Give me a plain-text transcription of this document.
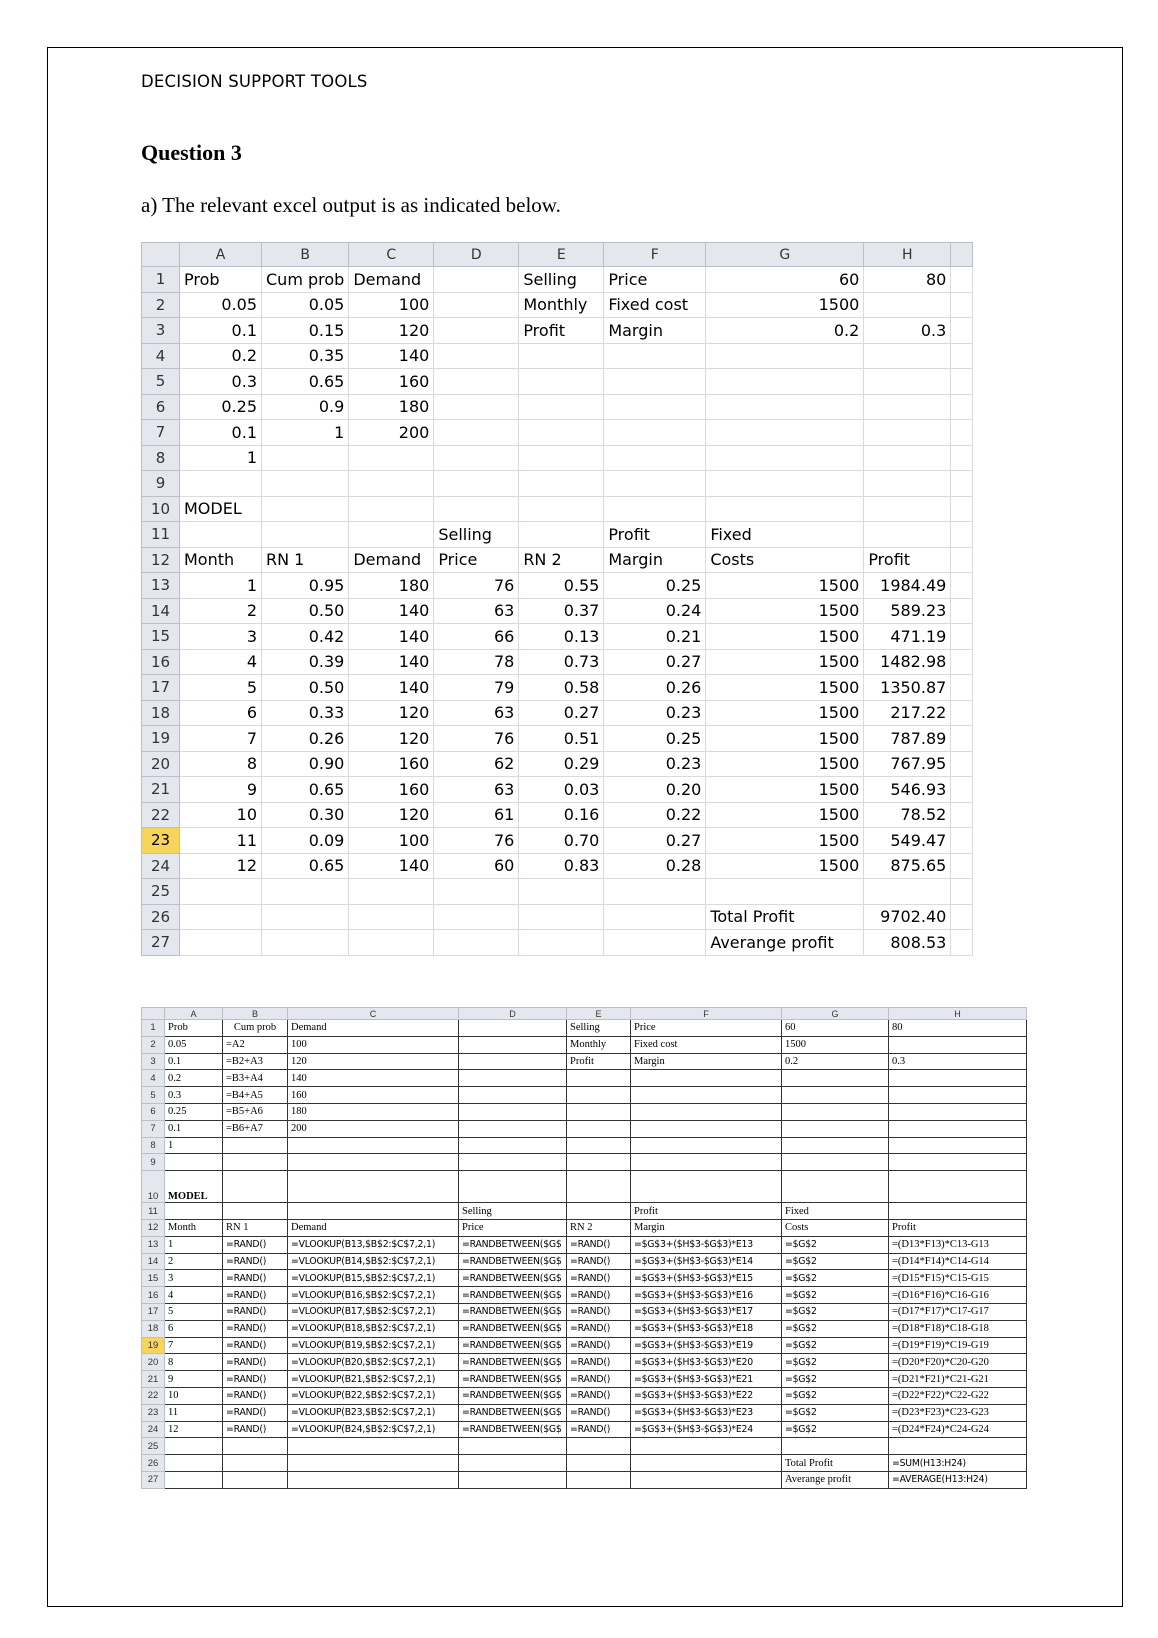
DECISION SUPPORT TOOLS
Question 3
a) The relevant excel output is as indicated below.
	A	B	C	D	E	F	G	H	
1	Prob	Cum prob	Demand		Selling	Price	60	80	
2	0.05	0.05	100		Monthly	Fixed cost	1500		
3	0.1	0.15	120		Profit	Margin	0.2	0.3	
4	0.2	0.35	140						
5	0.3	0.65	160						
6	0.25	0.9	180						
7	0.1	1	200						
8	1								
9									
10	MODEL								
11				Selling		Profit	Fixed		
12	Month	RN 1	Demand	Price	RN 2	Margin	Costs	Profit	
13	1	0.95	180	76	0.55	0.25	1500	1984.49	
14	2	0.50	140	63	0.37	0.24	1500	589.23	
15	3	0.42	140	66	0.13	0.21	1500	471.19	
16	4	0.39	140	78	0.73	0.27	1500	1482.98	
17	5	0.50	140	79	0.58	0.26	1500	1350.87	
18	6	0.33	120	63	0.27	0.23	1500	217.22	
19	7	0.26	120	76	0.51	0.25	1500	787.89	
20	8	0.90	160	62	0.29	0.23	1500	767.95	
21	9	0.65	160	63	0.03	0.20	1500	546.93	
22	10	0.30	120	61	0.16	0.22	1500	78.52	
23	11	0.09	100	76	0.70	0.27	1500	549.47	
24	12	0.65	140	60	0.83	0.28	1500	875.65	
25									
26							Total Profit	9702.40	
27							Averange profit	808.53	
	A	B	C	D	E	F	G	H
1	Prob	Cum prob	Demand		Selling	Price	60	80
2	0.05	=A2	100		Monthly	Fixed cost	1500	
3	0.1	=B2+A3	120		Profit	Margin	0.2	0.3
4	0.2	=B3+A4	140					
5	0.3	=B4+A5	160					
6	0.25	=B5+A6	180					
7	0.1	=B6+A7	200					
8	1							
9								
10	MODEL							
11				Selling		Profit	Fixed	
12	Month	RN 1	Demand	Price	RN 2	Margin	Costs	Profit
13	1	=RAND()	=VLOOKUP(B13,$B$2:$C$7,2,1)	=RANDBETWEEN($G$	=RAND()	=$G$3+($H$3-$G$3)*E13	=$G$2	=(D13*F13)*C13-G13
14	2	=RAND()	=VLOOKUP(B14,$B$2:$C$7,2,1)	=RANDBETWEEN($G$	=RAND()	=$G$3+($H$3-$G$3)*E14	=$G$2	=(D14*F14)*C14-G14
15	3	=RAND()	=VLOOKUP(B15,$B$2:$C$7,2,1)	=RANDBETWEEN($G$	=RAND()	=$G$3+($H$3-$G$3)*E15	=$G$2	=(D15*F15)*C15-G15
16	4	=RAND()	=VLOOKUP(B16,$B$2:$C$7,2,1)	=RANDBETWEEN($G$	=RAND()	=$G$3+($H$3-$G$3)*E16	=$G$2	=(D16*F16)*C16-G16
17	5	=RAND()	=VLOOKUP(B17,$B$2:$C$7,2,1)	=RANDBETWEEN($G$	=RAND()	=$G$3+($H$3-$G$3)*E17	=$G$2	=(D17*F17)*C17-G17
18	6	=RAND()	=VLOOKUP(B18,$B$2:$C$7,2,1)	=RANDBETWEEN($G$	=RAND()	=$G$3+($H$3-$G$3)*E18	=$G$2	=(D18*F18)*C18-G18
19	7	=RAND()	=VLOOKUP(B19,$B$2:$C$7,2,1)	=RANDBETWEEN($G$	=RAND()	=$G$3+($H$3-$G$3)*E19	=$G$2	=(D19*F19)*C19-G19
20	8	=RAND()	=VLOOKUP(B20,$B$2:$C$7,2,1)	=RANDBETWEEN($G$	=RAND()	=$G$3+($H$3-$G$3)*E20	=$G$2	=(D20*F20)*C20-G20
21	9	=RAND()	=VLOOKUP(B21,$B$2:$C$7,2,1)	=RANDBETWEEN($G$	=RAND()	=$G$3+($H$3-$G$3)*E21	=$G$2	=(D21*F21)*C21-G21
22	10	=RAND()	=VLOOKUP(B22,$B$2:$C$7,2,1)	=RANDBETWEEN($G$	=RAND()	=$G$3+($H$3-$G$3)*E22	=$G$2	=(D22*F22)*C22-G22
23	11	=RAND()	=VLOOKUP(B23,$B$2:$C$7,2,1)	=RANDBETWEEN($G$	=RAND()	=$G$3+($H$3-$G$3)*E23	=$G$2	=(D23*F23)*C23-G23
24	12	=RAND()	=VLOOKUP(B24,$B$2:$C$7,2,1)	=RANDBETWEEN($G$	=RAND()	=$G$3+($H$3-$G$3)*E24	=$G$2	=(D24*F24)*C24-G24
25								
26							Total Profit	=SUM(H13:H24)
27							Averange profit	=AVERAGE(H13:H24)
